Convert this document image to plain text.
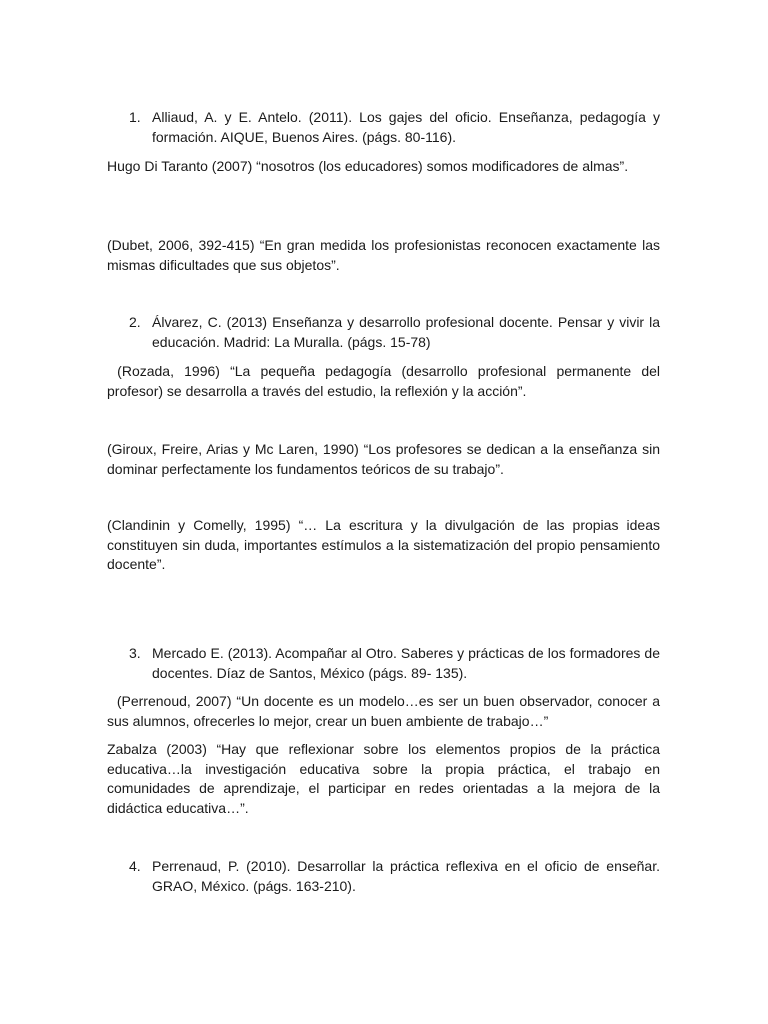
1. Alliaud, A. y E. Antelo. (2011). Los gajes del oficio. Enseñanza, pedagogía y formación. AIQUE, Buenos Aires. (págs. 80-116).

Hugo Di Taranto (2007) “nosotros (los educadores) somos modificadores de almas”.

(Dubet, 2006, 392-415) “En gran medida los profesionistas reconocen exactamente las mismas dificultades que sus objetos”.

2. Álvarez, C. (2013) Enseñanza y desarrollo profesional docente. Pensar y vivir la educación. Madrid: La Muralla. (págs. 15-78)

(Rozada, 1996) “La pequeña pedagogía (desarrollo profesional permanente del profesor) se desarrolla a través del estudio, la reflexión y la acción”.

(Giroux, Freire, Arias y Mc Laren, 1990) “Los profesores se dedican a la enseñanza sin dominar perfectamente los fundamentos teóricos de su trabajo”.

(Clandinin y Comelly, 1995) “… La escritura y la divulgación de las propias ideas constituyen sin duda, importantes estímulos a la sistematización del propio pensamiento docente”.

3. Mercado E. (2013). Acompañar al Otro. Saberes y prácticas de los formadores de docentes. Díaz de Santos, México (págs. 89- 135).

(Perrenoud, 2007) “Un docente es un modelo…es ser un buen observador, conocer a sus alumnos, ofrecerles lo mejor, crear un buen ambiente de trabajo…”

Zabalza (2003) “Hay que reflexionar sobre los elementos propios de la práctica educativa…la investigación educativa sobre la propia práctica, el trabajo en comunidades de aprendizaje, el participar en redes orientadas a la mejora de la didáctica educativa…”.

4. Perrenaud, P. (2010). Desarrollar la práctica reflexiva en el oficio de enseñar. GRAO, México. (págs. 163-210).
